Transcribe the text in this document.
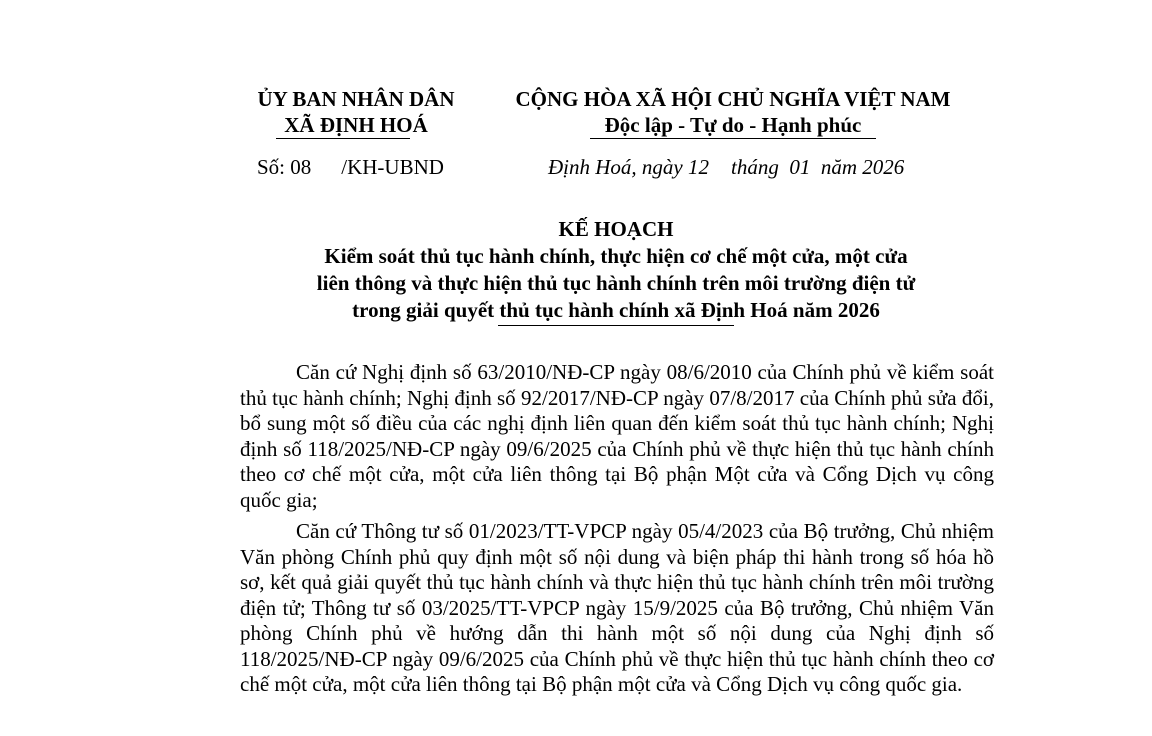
ỦY BAN NHÂN DÂN
XÃ ĐỊNH HOÁ
CỘNG HÒA XÃ HỘI CHỦ NGHĨA VIỆT NAM
Độc lập - Tự do - Hạnh phúc
Số: 08 /KH-UBND	Định Hoá, ngày 12 tháng  01  năm 2026
KẾ HOẠCH
Kiểm soát thủ tục hành chính, thực hiện cơ chế một cửa, một cửa
liên thông và thực hiện thủ tục hành chính trên môi trường điện tử
trong giải quyết thủ tục hành chính xã Định Hoá năm 2026

Căn cứ Nghị định số 63/2010/NĐ-CP ngày 08/6/2010 của Chính phủ về kiểm soát thủ tục hành chính; Nghị định số 92/2017/NĐ-CP ngày 07/8/2017 của Chính phủ sửa đổi, bổ sung một số điều của các nghị định liên quan đến kiểm soát thủ tục hành chính; Nghị định số 118/2025/NĐ-CP ngày 09/6/2025 của Chính phủ về thực hiện thủ tục hành chính theo cơ chế một cửa, một cửa liên thông tại Bộ phận Một cửa và Cổng Dịch vụ công quốc gia;

Căn cứ Thông tư số 01/2023/TT-VPCP ngày 05/4/2023 của Bộ trưởng, Chủ nhiệm Văn phòng Chính phủ quy định một số nội dung và biện pháp thi hành trong số hóa hồ sơ, kết quả giải quyết thủ tục hành chính và thực hiện thủ tục hành chính trên môi trường điện tử; Thông tư số 03/2025/TT-VPCP ngày 15/9/2025 của Bộ trưởng, Chủ nhiệm Văn phòng Chính phủ về hướng dẫn thi hành một số nội dung của Nghị định số 118/2025/NĐ-CP ngày 09/6/2025 của Chính phủ về thực hiện thủ tục hành chính theo cơ chế một cửa, một cửa liên thông tại Bộ phận một cửa và Cổng Dịch vụ công quốc gia.
